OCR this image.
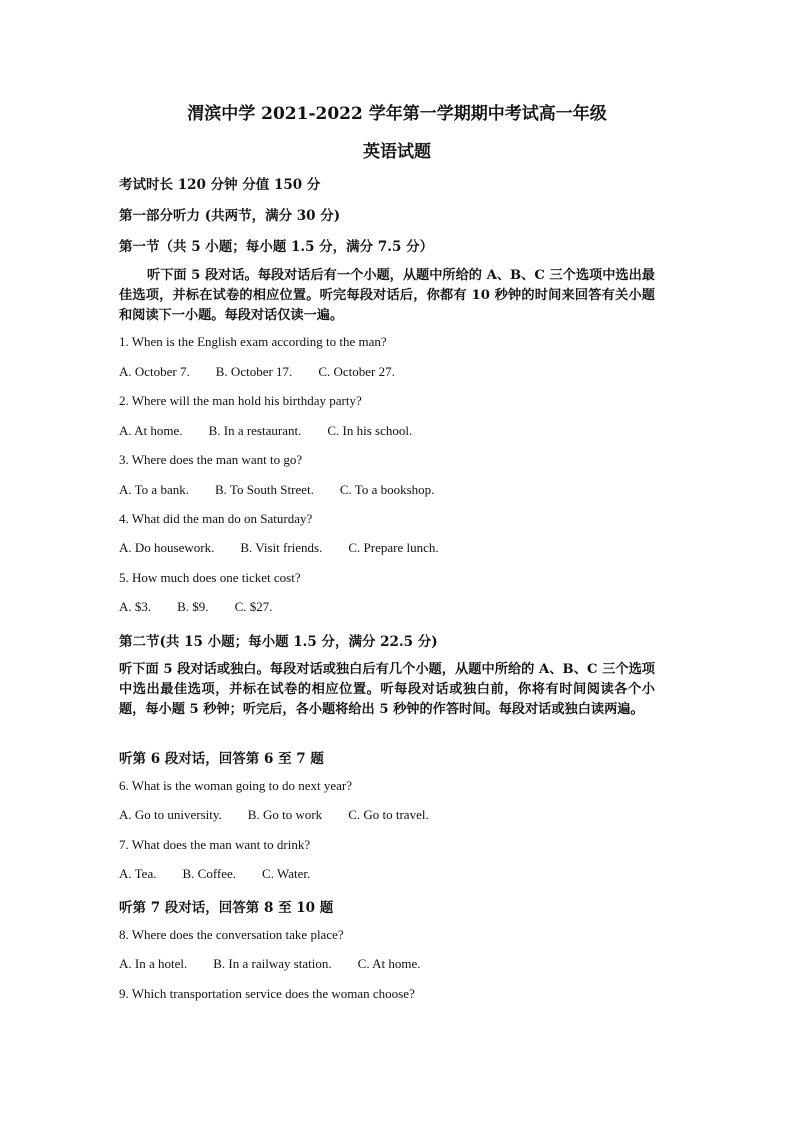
渭滨中学 2021-2022 学年第一学期期中考试高一年级
英语试题
考试时长 120 分钟 分值 150 分
第一部分听力 (共两节，满分 30 分)
第一节（共 5 小题；每小题 1.5 分，满分 7.5 分）
听下面 5 段对话。每段对话后有一个小题，从题中所给的 A、B、C 三个选项中选出最佳选项，并标在试卷的相应位置。听完每段对话后，你都有 10 秒钟的时间来回答有关小题和阅读下一小题。每段对话仅读一遍。
1. When is the English exam according to the man?
A. October 7. B. October 17. C. October 27.
2. Where will the man hold his birthday party?
A. At home. B. In a restaurant. C. In his school.
3. Where does the man want to go?
A. To a bank. B. To South Street. C. To a bookshop.
4. What did the man do on Saturday?
A. Do housework. B. Visit friends. C. Prepare lunch.
5. How much does one ticket cost?
A. $3. B. $9. C. $27.
第二节(共 15 小题；每小题 1.5 分，满分 22.5 分)
听下面 5 段对话或独白。每段对话或独白后有几个小题，从题中所给的 A、B、C 三个选项中选出最佳选项，并标在试卷的相应位置。听每段对话或独白前，你将有时间阅读各个小题，每小题 5 秒钟；听完后，各小题将给出 5 秒钟的作答时间。每段对话或独白读两遍。
听第 6 段对话，回答第 6 至 7 题
6. What is the woman going to do next year?
A. Go to university. B. Go to work C. Go to travel.
7. What does the man want to drink?
A. Tea. B. Coffee. C. Water.
听第 7 段对话，回答第 8 至 10 题
8. Where does the conversation take place?
A. In a hotel. B. In a railway station. C. At home.
9. Which transportation service does the woman choose?
